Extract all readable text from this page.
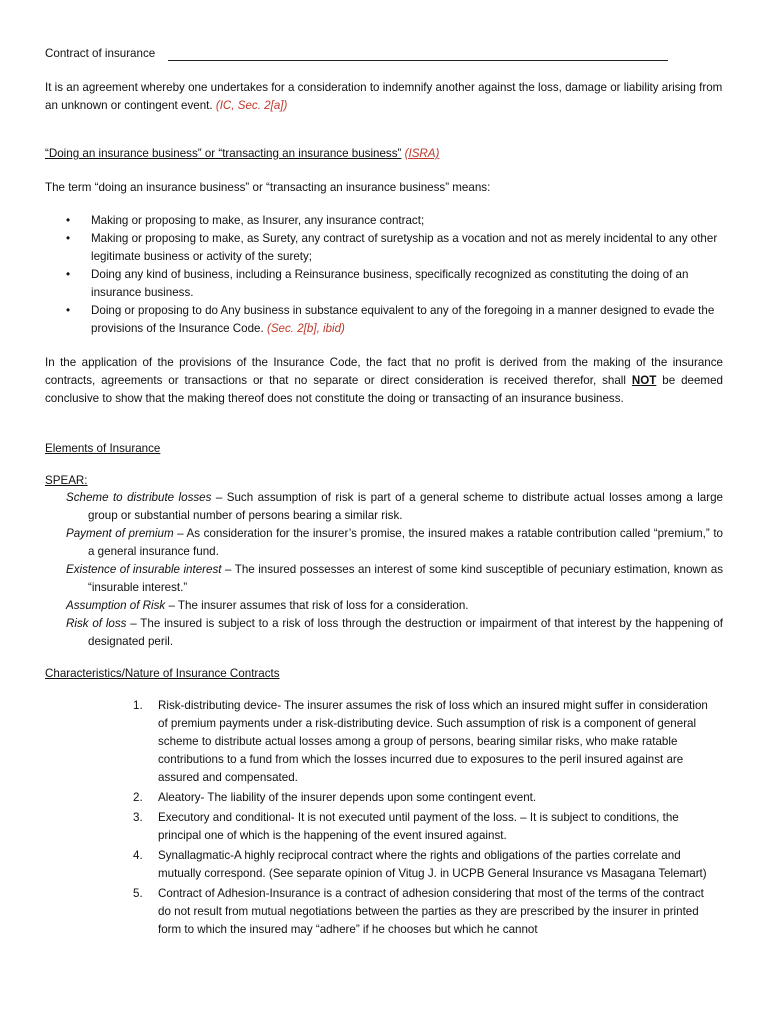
Contract of insurance
It is an agreement whereby one undertakes for a consideration to indemnify another against the loss, damage or liability arising from an unknown or contingent event. (IC, Sec. 2[a])
“Doing an insurance business” or “transacting an insurance business” (ISRA)
The term “doing an insurance business” or “transacting an insurance business” means:
• Making or proposing to make, as Insurer, any insurance contract;
• Making or proposing to make, as Surety, any contract of suretyship as a vocation and not as merely incidental to any other legitimate business or activity of the surety;
• Doing any kind of business, including a Reinsurance business, specifically recognized as constituting the doing of an insurance business.
• Doing or proposing to do Any business in substance equivalent to any of the foregoing in a manner designed to evade the provisions of the Insurance Code. (Sec. 2[b], ibid)
In the application of the provisions of the Insurance Code, the fact that no profit is derived from the making of the insurance contracts, agreements or transactions or that no separate or direct consideration is received therefor, shall NOT be deemed conclusive to show that the making thereof does not constitute the doing or transacting of an insurance business.
Elements of Insurance
SPEAR:
Scheme to distribute losses – Such assumption of risk is part of a general scheme to distribute actual losses among a large group or substantial number of persons bearing a similar risk.
Payment of premium – As consideration for the insurer’s promise, the insured makes a ratable contribution called “premium,” to a general insurance fund.
Existence of insurable interest – The insured possesses an interest of some kind susceptible of pecuniary estimation, known as “insurable interest.”
Assumption of Risk – The insurer assumes that risk of loss for a consideration.
Risk of loss – The insured is subject to a risk of loss through the destruction or impairment of that interest by the happening of designated peril.
Characteristics/Nature of Insurance Contracts
1. Risk-distributing device- The insurer assumes the risk of loss which an insured might suffer in consideration of premium payments under a risk-distributing device. Such assumption of risk is a component of general scheme to distribute actual losses among a group of persons, bearing similar risks, who make ratable contributions to a fund from which the losses incurred due to exposures to the peril insured against are assured and compensated.
2. Aleatory- The liability of the insurer depends upon some contingent event.
3. Executory and conditional- It is not executed until payment of the loss. – It is subject to conditions, the principal one of which is the happening of the event insured against.
4. Synallagmatic-A highly reciprocal contract where the rights and obligations of the parties correlate and mutually correspond. (See separate opinion of Vitug J. in UCPB General Insurance vs Masagana Telemart)
5. Contract of Adhesion-Insurance is a contract of adhesion considering that most of the terms of the contract do not result from mutual negotiations between the parties as they are prescribed by the insurer in printed form to which the insured may “adhere” if he chooses but which he cannot
